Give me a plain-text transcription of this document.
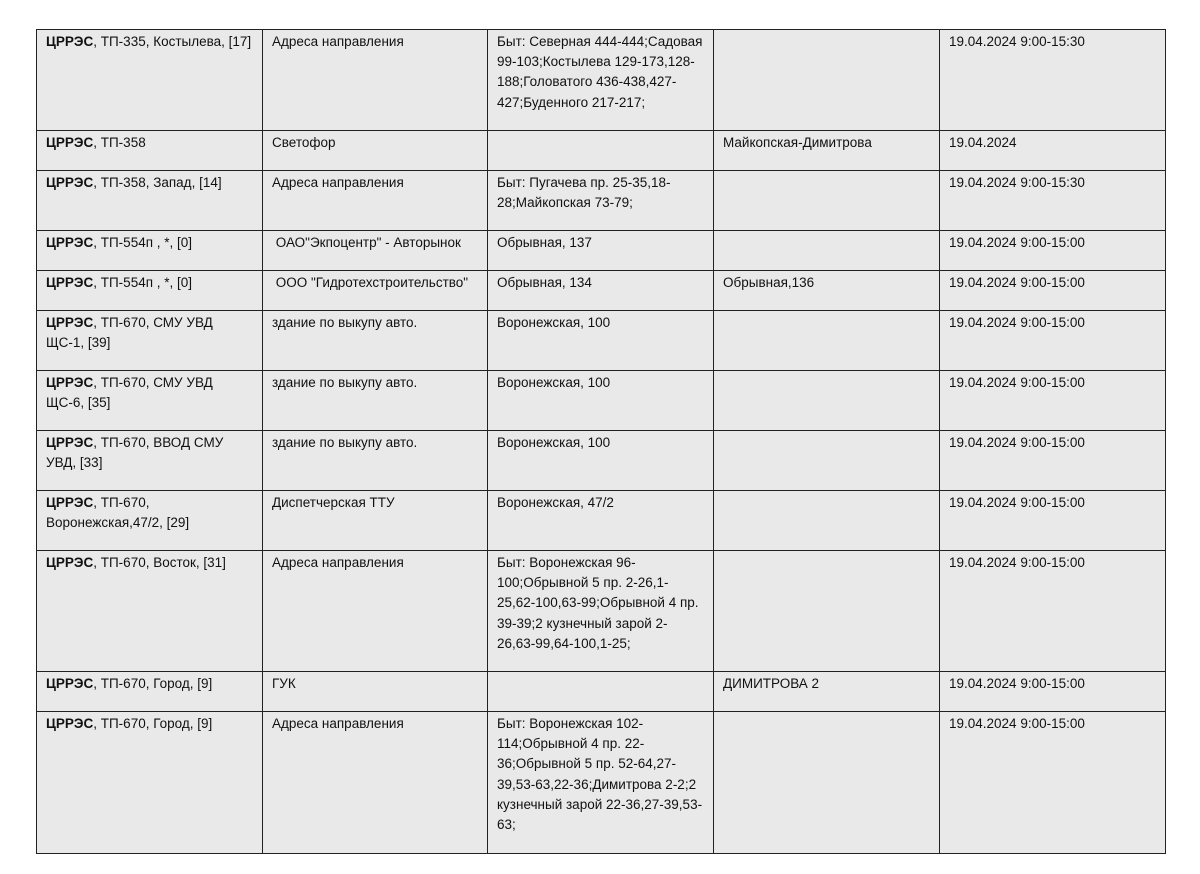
ЦРРЭС, ТП-335, Костылева, [17]	Адреса направления	Быт: Северная 444-444;Садовая 99-103;Костылева 129-173,128-188;Головатого 436-438,427-427;Буденного 217-217;		19.04.2024 9:00-15:30
ЦРРЭС, ТП-358	Светофор		Майкопская-Димитрова	19.04.2024
ЦРРЭС, ТП-358, Запад, [14]	Адреса направления	Быт: Пугачева пр. 25-35,18-28;Майкопская 73-79;		19.04.2024 9:00-15:30
ЦРРЭС, ТП-554п , *, [0]	ОАО"Экпоцентр" - Авторынок	Обрывная, 137		19.04.2024 9:00-15:00
ЦРРЭС, ТП-554п , *, [0]	ООО "Гидротехстроительство"	Обрывная, 134	Обрывная,136	19.04.2024 9:00-15:00
ЦРРЭС, ТП-670, СМУ УВД ЩС-1, [39]	здание по выкупу авто.	Воронежская, 100		19.04.2024 9:00-15:00
ЦРРЭС, ТП-670, СМУ УВД ЩС-6, [35]	здание по выкупу авто.	Воронежская, 100		19.04.2024 9:00-15:00
ЦРРЭС, ТП-670, ВВОД СМУ УВД, [33]	здание по выкупу авто.	Воронежская, 100		19.04.2024 9:00-15:00
ЦРРЭС, ТП-670, Воронежская,47/2, [29]	Диспетчерская ТТУ	Воронежская, 47/2		19.04.2024 9:00-15:00
ЦРРЭС, ТП-670, Восток, [31]	Адреса направления	Быт: Воронежская 96-100;Обрывной 5 пр. 2-26,1-25,62-100,63-99;Обрывной 4 пр. 39-39;2 кузнечный зарой 2-26,63-99,64-100,1-25;		19.04.2024 9:00-15:00
ЦРРЭС, ТП-670, Город, [9]	ГУК		ДИМИТРОВА 2	19.04.2024 9:00-15:00
ЦРРЭС, ТП-670, Город, [9]	Адреса направления	Быт: Воронежская 102-114;Обрывной 4 пр. 22-36;Обрывной 5 пр. 52-64,27-39,53-63,22-36;Димитрова 2-2;2 кузнечный зарой 22-36,27-39,53-63;		19.04.2024 9:00-15:00
